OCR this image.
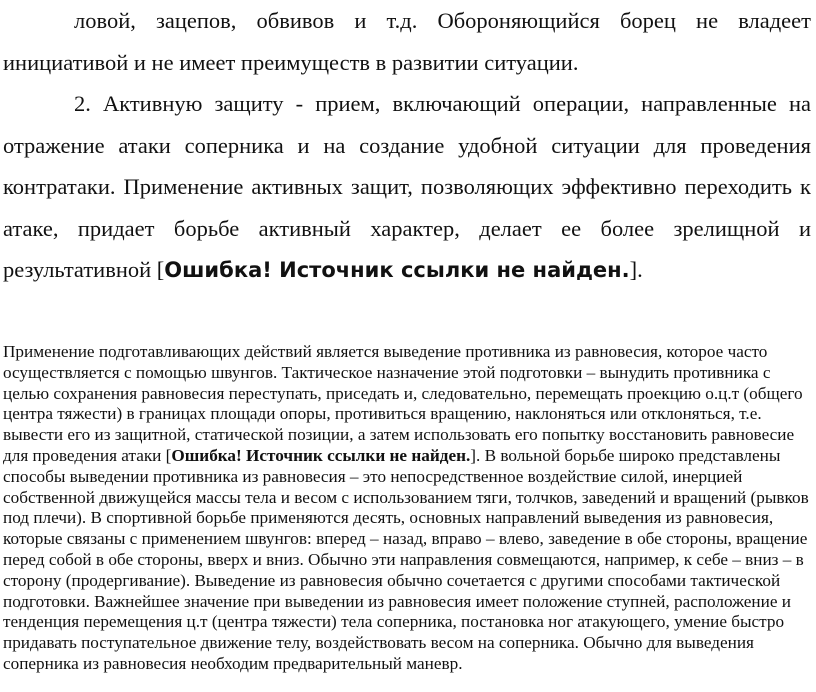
ловой, зацепов, обвивов и т.д. Обороняющийся борец не владеет
инициативой и не имеет преимуществ в развитии ситуации.

2. Активную защиту - прием, включающий операции, направленные на отражение атаки соперника и на создание удобной ситуации для проведения контратаки. Применение активных защит, позволяющих эффективно переходить к атаке, придает борьбе активный характер, делает ее более зрелищной и результативной [Ошибка! Источник ссылки не найден.].

Применение подготавливающих действий является выведение противника из равновесия, которое часто осуществляется с помощью швунгов. Тактическое назначение этой подготовки – вынудить противника с целью сохранения равновесия переступать, приседать и, следовательно, перемещать проекцию о.ц.т (общего центра тяжести) в границах площади опоры, противиться вращению, наклоняться или отклоняться, т.е. вывести его из защитной, статической позиции, а затем использовать его попытку восстановить равновесие для проведения атаки [Ошибка! Источник ссылки не найден.]. В вольной борьбе широко представлены способы выведении противника из равновесия – это непосредственное воздействие силой, инерцией собственной движущейся массы тела и весом с использованием тяги, толчков, заведений и вращений (рывков под плечи). В спортивной борьбе применяются десять, основных направлений выведения из равновесия, которые связаны с применением швунгов: вперед – назад, вправо – влево, заведение в обе стороны, вращение перед собой в обе стороны, вверх и вниз. Обычно эти направления совмещаются, например, к себе – вниз – в сторону (продергивание). Выведение из равновесия обычно сочетается с другими способами тактической подготовки. Важнейшее значение при выведении из равновесия имеет положение ступней, расположение и тенденция перемещения ц.т (центра тяжести) тела соперника, постановка ног атакующего, умение быстро придавать поступательное движение телу, воздействовать весом на соперника. Обычно для выведения соперника из равновесия необходим предварительный маневр.
